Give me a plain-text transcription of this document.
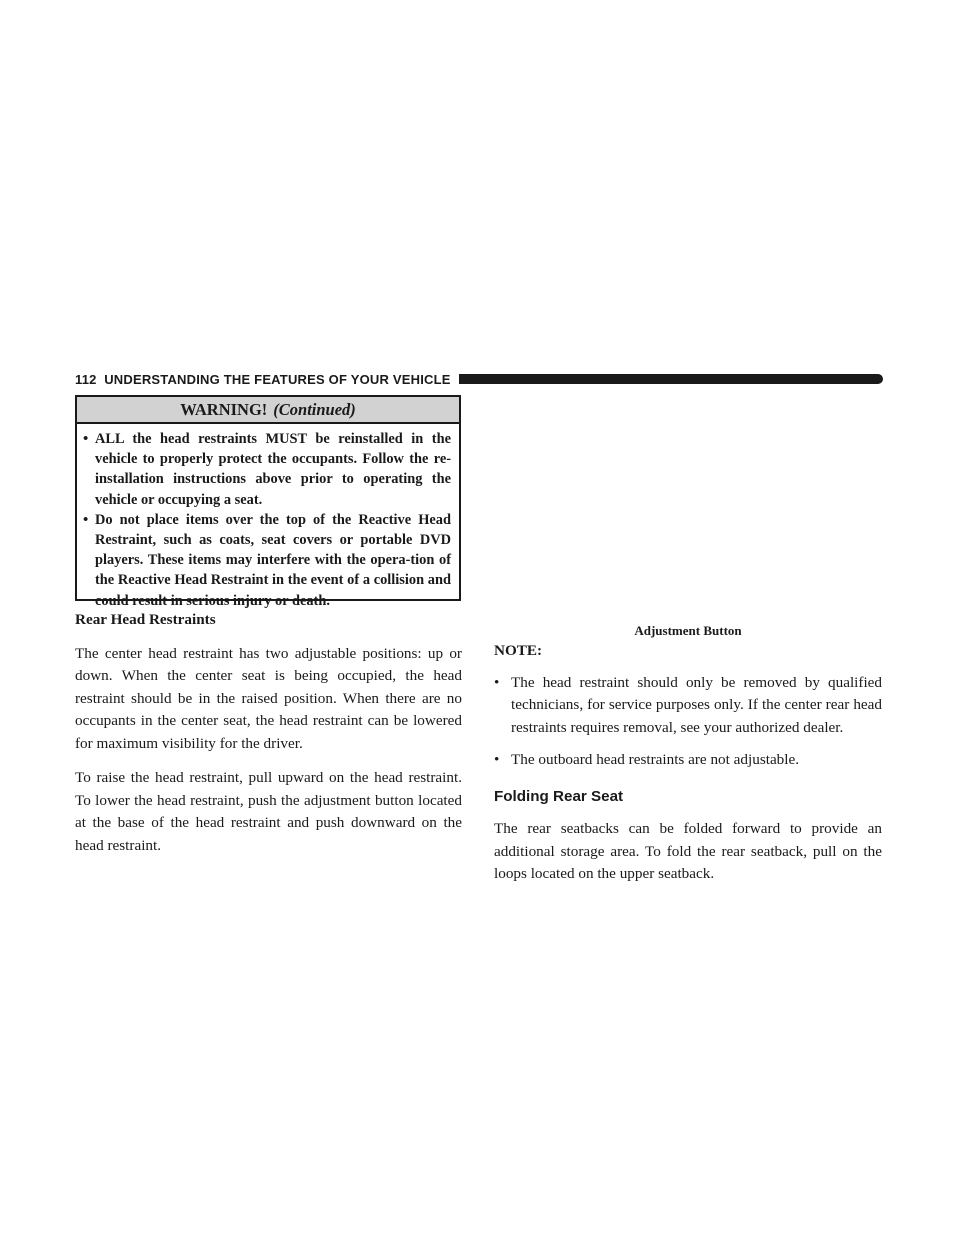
112 UNDERSTANDING THE FEATURES OF YOUR VEHICLE
WARNING! (Continued)
• ALL the head restraints MUST be reinstalled in the vehicle to properly protect the occupants. Follow the re-installation instructions above prior to operating the vehicle or occupying a seat.
• Do not place items over the top of the Reactive Head Restraint, such as coats, seat covers or portable DVD players. These items may interfere with the opera-tion of the Reactive Head Restraint in the event of a collision and could result in serious injury or death.
Rear Head Restraints

The center head restraint has two adjustable positions: up or down. When the center seat is being occupied, the head restraint should be in the raised position. When there are no occupants in the center seat, the head restraint can be lowered for maximum visibility for the driver.

To raise the head restraint, pull upward on the head restraint. To lower the head restraint, push the adjustment button located at the base of the head restraint and push downward on the head restraint.

Adjustment Button
NOTE:
• The head restraint should only be removed by qualified technicians, for service purposes only. If the center rear head restraints requires removal, see your authorized dealer.
• The outboard head restraints are not adjustable.
Folding Rear Seat

The rear seatbacks can be folded forward to provide an additional storage area. To fold the rear seatback, pull on the loops located on the upper seatback.
